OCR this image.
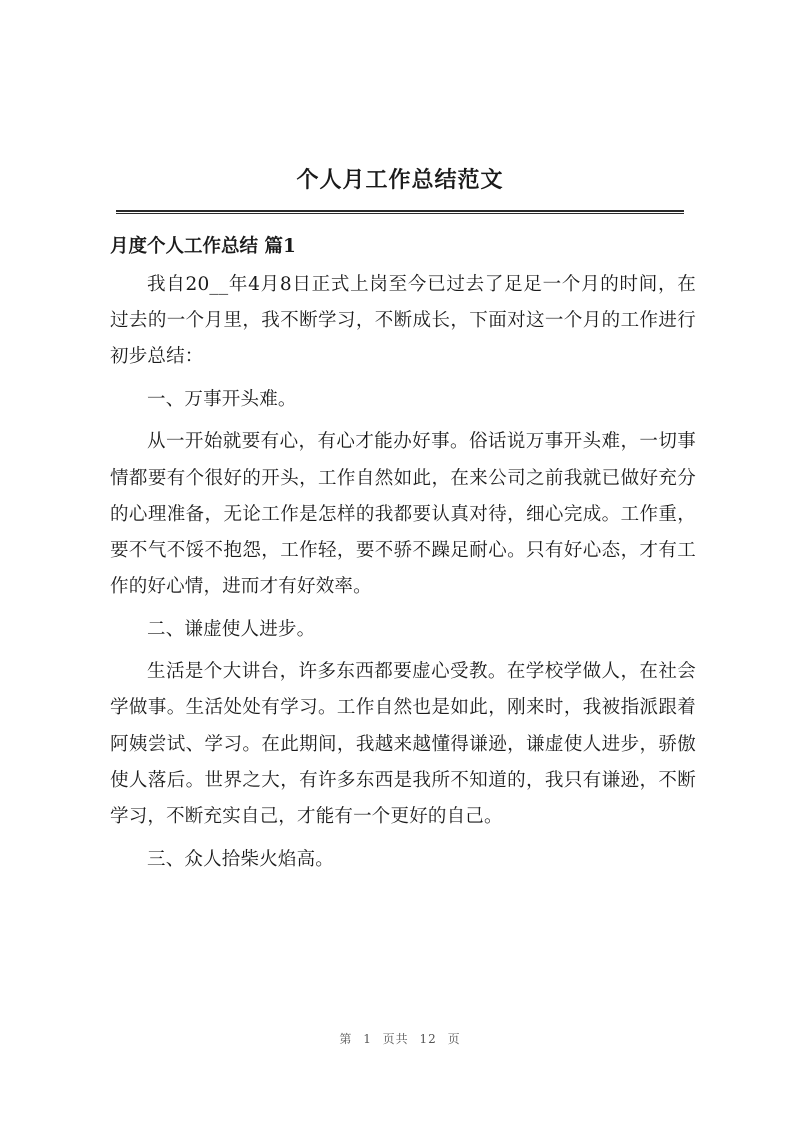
个人月工作总结范文
月度个人工作总结 篇1

我自20__年4月8日正式上岗至今已过去了足足一个月的时间，在过去的一个月里，我不断学习，不断成长，下面对这一个月的工作进行初步总结：

一、万事开头难。

从一开始就要有心，有心才能办好事。俗话说万事开头难，一切事情都要有个很好的开头，工作自然如此，在来公司之前我就已做好充分的心理准备，无论工作是怎样的我都要认真对待，细心完成。工作重，要不气不馁不抱怨，工作轻，要不骄不躁足耐心。只有好心态，才有工作的好心情，进而才有好效率。

二、谦虚使人进步。

生活是个大讲台，许多东西都要虚心受教。在学校学做人，在社会学做事。生活处处有学习。工作自然也是如此，刚来时，我被指派跟着阿姨尝试、学习。在此期间，我越来越懂得谦逊，谦虚使人进步，骄傲使人落后。世界之大，有许多东西是我所不知道的，我只有谦逊，不断学习，不断充实自己，才能有一个更好的自己。

三、众人拾柴火焰高。

第 1 页共 12 页
